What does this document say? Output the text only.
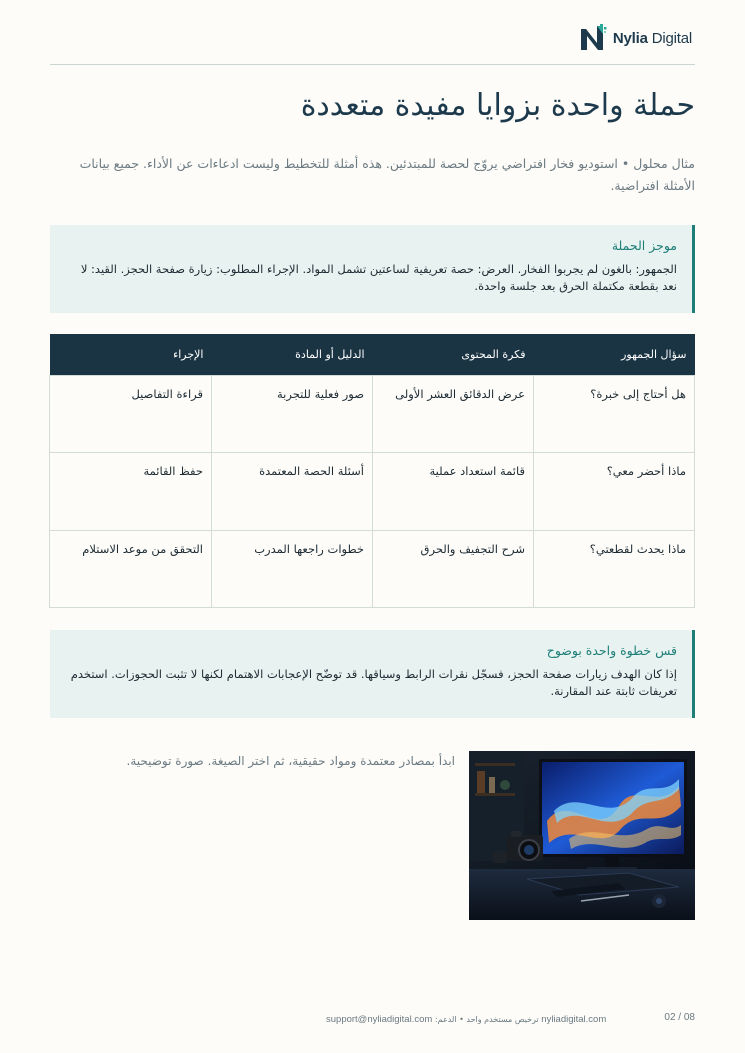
Nylia Digital
حملة واحدة بزوايا مفيدة متعددة

مثال محلول • استوديو فخار افتراضي يروّج لحصة للمبتدئين. هذه أمثلة للتخطيط وليست ادعاءات عن الأداء. جميع بيانات الأمثلة افتراضية.

موجز الحملة
الجمهور: بالغون لم يجربوا الفخار. العرض: حصة تعريفية لساعتين تشمل المواد. الإجراء المطلوب: زيارة صفحة الحجز. القيد: لا نعد بقطعة مكتملة الحرق بعد جلسة واحدة.
سؤال الجمهور	فكرة المحتوى	الدليل أو المادة	الإجراء
هل أحتاج إلى خبرة؟	عرض الدقائق العشر الأولى	صور فعلية للتجربة	قراءة التفاصيل
ماذا أحضر معي؟	قائمة استعداد عملية	أسئلة الحصة المعتمدة	حفظ القائمة
ماذا يحدث لقطعتي؟	شرح التجفيف والحرق	خطوات راجعها المدرب	التحقق من موعد الاستلام
قس خطوة واحدة بوضوح
إذا كان الهدف زيارات صفحة الحجز، فسجّل نقرات الرابط وسياقها. قد توضّح الإعجابات الاهتمام لكنها لا تثبت الحجوزات. استخدم تعريفات ثابتة عند المقارنة.

ابدأ بمصادر معتمدة ومواد حقيقية، ثم اختر الصيغة. صورة توضيحية.

support@nyliadigital.com ترخيص مستخدم واحد • الدعم: nyliadigital.com	02 / 08
